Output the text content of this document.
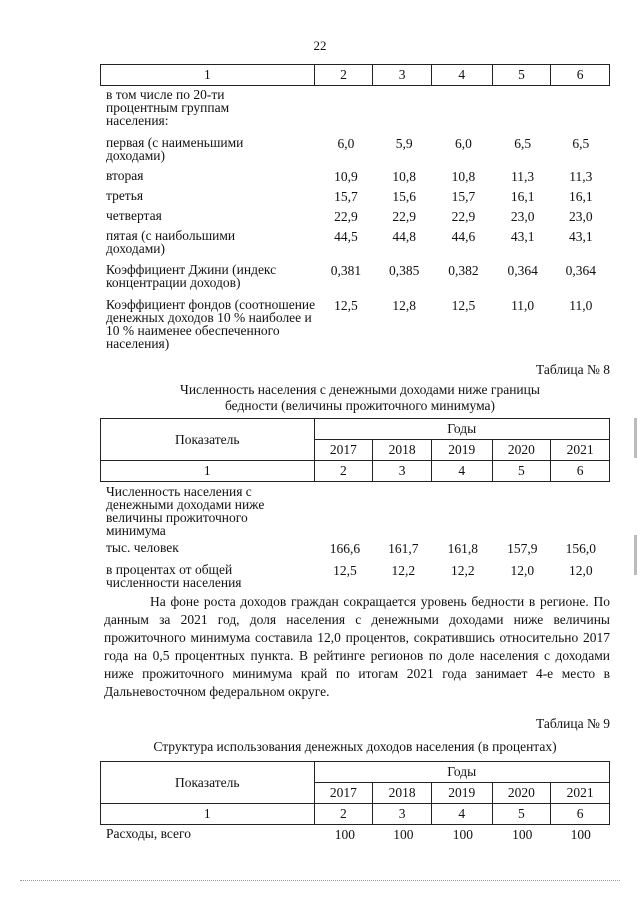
22
1	2	3	4	5	6
в том числе по 20-ти процентным группам населения:
первая (с наименьшими доходами)	6,0	5,9	6,0	6,5	6,5

вторая	10,9	10,8	10,8	11,3	11,3

третья	15,7	15,6	15,7	16,1	16,1

четвертая	22,9	22,9	22,9	23,0	23,0

пятая (с наибольшими доходами)	44,5	44,8	44,6	43,1	43,1

Коэффициент Джини (индекс концентрации доходов)	0,381	0,385	0,382	0,364	0,364

Коэффициент фондов (соотношение денежных доходов 10 % наиболее и 10 % наименее обеспеченного населения)	12,5	12,8	12,5	11,0	11,0
Таблица № 8
Численность населения с денежными доходами ниже границы бедности (величины прожиточного минимума)
Показатель	Годы				
	2017	2018	2019	2020	2021
1	2	3	4	5	6
Численность населения с денежными доходами ниже величины прожиточного минимума
тыс. человек	166,6	161,7	161,8	157,9	156,0

в процентах от общей численности населения	12,5	12,2	12,2	12,0	12,0
На фоне роста доходов граждан сокращается уровень бедности в регионе. По данным за 2021 год, доля населения с денежными доходами ниже величины прожиточного минимума составила 12,0 процентов, сократившись относительно 2017 года на 0,5 процентных пункта. В рейтинге регионов по доле населения с доходами ниже прожиточного минимума край по итогам 2021 года занимает 4-е место в Дальневосточном федеральном округе.
Таблица № 9
Структура использования денежных доходов населения (в процентах)
Показатель	Годы				
	2017	2018	2019	2020	2021
1	2	3	4	5	6
Расходы, всего	100	100	100	100	100
